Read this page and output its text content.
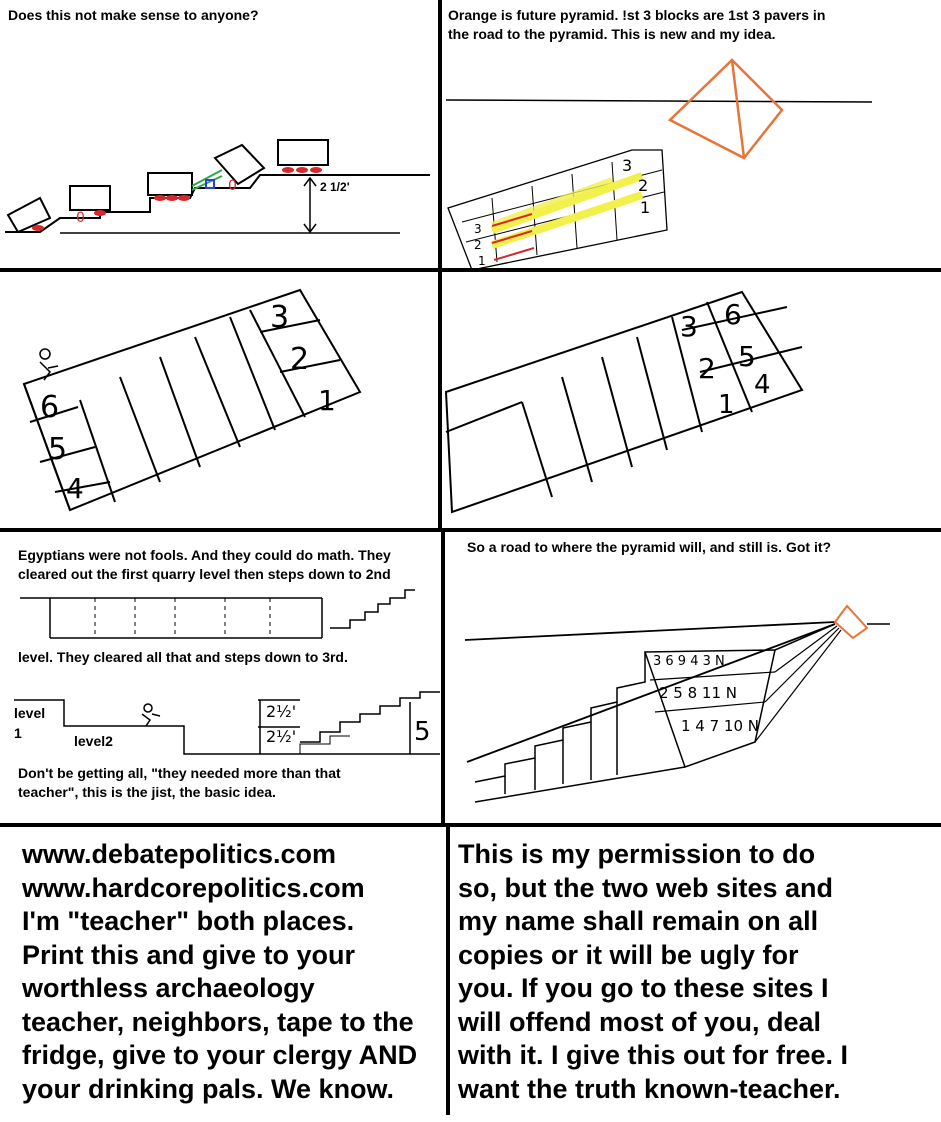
Does this not make sense to anyone?

0
0	2 1/2'

Orange is future pyramid. !st 3 blocks are 1st 3 pavers in
the road to the pyramid. This is new and my idea.

3
2
1
3
2
1
3
2
1
6
5
4
3 6
2 5
1
4

Egyptians were not fools. And they could do math. They
cleared out the first quarry level then steps down to 2nd

level. They cleared all that and steps down to 3rd.

level
1	level2
2½'
2½'	5

Don't be getting all, "they needed more than that
teacher", this is the jist, the basic idea.

So a road to where the pyramid will, and still is. Got it?

3 6 9 4 3 N
2 5 8 11 N
1 4 7 10 N

www.debatepolitics.com
www.hardcorepolitics.com
I'm "teacher" both places.
Print this and give to your
worthless archaeology
teacher, neighbors, tape to the
fridge, give to your clergy AND
your drinking pals. We know.

This is my permission to do
so, but the two web sites and
my name shall remain on all
copies or it will be ugly for
you. If you go to these sites I
will offend most of you, deal
with it. I give this out for free. I
want the truth known-teacher.
